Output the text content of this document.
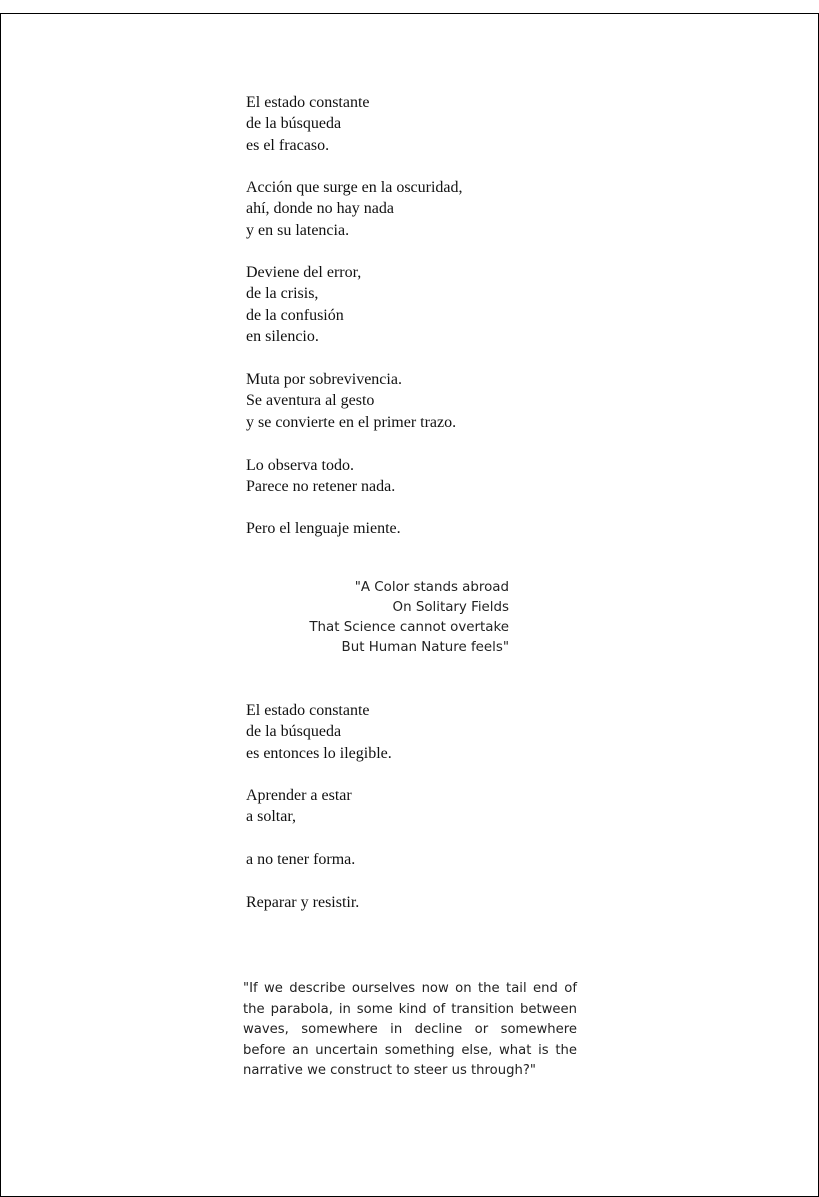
El estado constante
de la búsqueda
es el fracaso.
Acción que surge en la oscuridad,
ahí, donde no hay nada
y en su latencia.
Deviene del error,
de la crisis,
de la confusión
en silencio.
Muta por sobrevivencia.
Se aventura al gesto
y se convierte en el primer trazo.
Lo observa todo.
Parece no retener nada.
Pero el lenguaje miente.
"A Color stands abroad
On Solitary Fields
That Science cannot overtake
But Human Nature feels"
El estado constante
de la búsqueda
es entonces lo ilegible.
Aprender a estar
a soltar,
a no tener forma.
Reparar y resistir.
"If we describe ourselves now on the tail end of the parabola, in some kind of transition between waves, somewhere in decline or somewhere before an uncertain something else, what is the narrative we construct to steer us through?"
